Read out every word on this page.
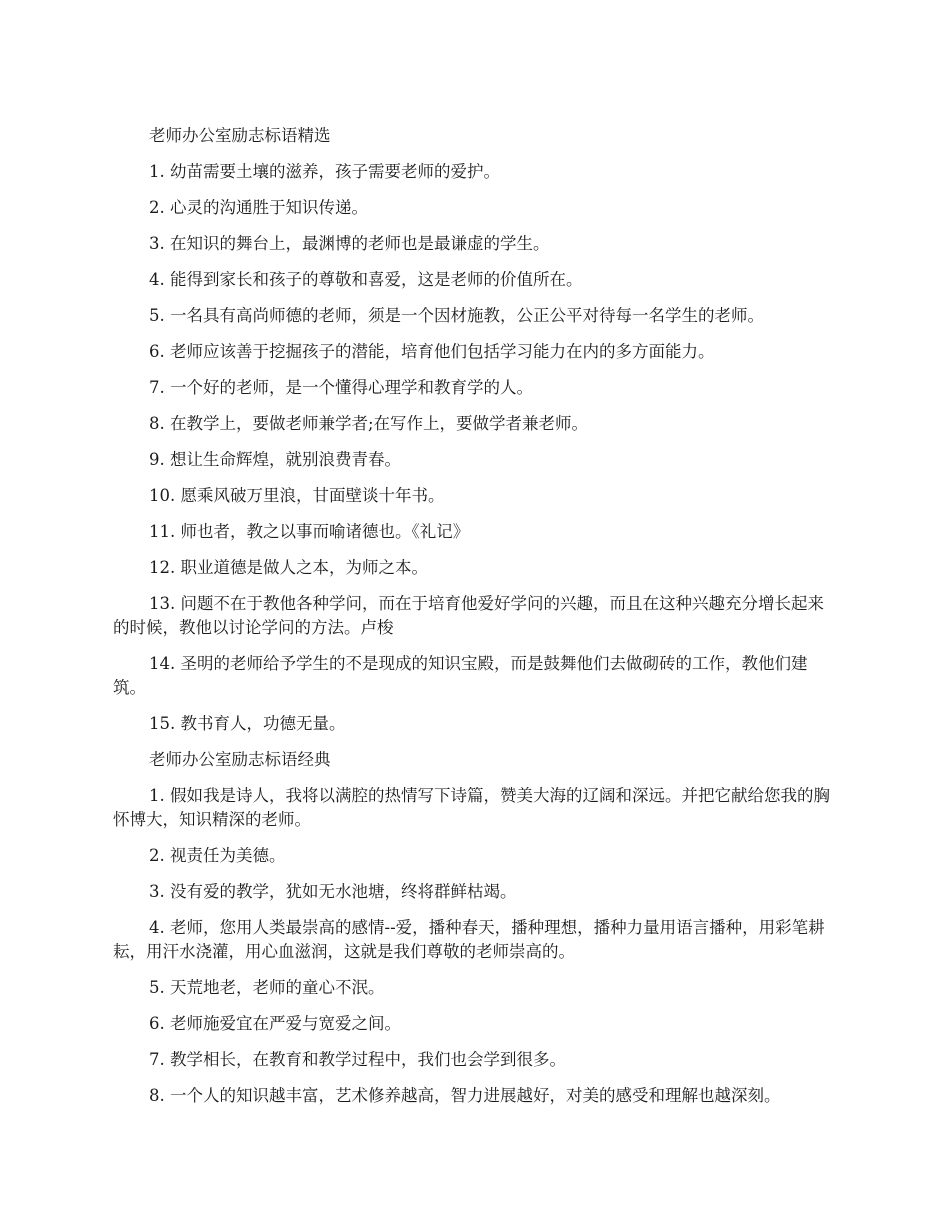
老师办公室励志标语精选

1. 幼苗需要土壤的滋养，孩子需要老师的爱护。

2. 心灵的沟通胜于知识传递。

3. 在知识的舞台上，最渊博的老师也是最谦虚的学生。

4. 能得到家长和孩子的尊敬和喜爱，这是老师的价值所在。

5. 一名具有高尚师德的老师，须是一个因材施教，公正公平对待每一名学生的老师。

6. 老师应该善于挖掘孩子的潜能，培育他们包括学习能力在内的多方面能力。

7. 一个好的老师，是一个懂得心理学和教育学的人。

8. 在教学上，要做老师兼学者;在写作上，要做学者兼老师。

9. 想让生命辉煌，就别浪费青春。

10. 愿乘风破万里浪，甘面壁谈十年书。

11. 师也者，教之以事而喻诸德也。《礼记》

12. 职业道德是做人之本，为师之本。

13. 问题不在于教他各种学问，而在于培育他爱好学问的兴趣，而且在这种兴趣充分增长起来的时候，教他以讨论学问的方法。卢梭

14. 圣明的老师给予学生的不是现成的知识宝殿，而是鼓舞他们去做砌砖的工作，教他们建筑。

15. 教书育人，功德无量。

老师办公室励志标语经典

1. 假如我是诗人，我将以满腔的热情写下诗篇，赞美大海的辽阔和深远。并把它献给您我的胸怀博大，知识精深的老师。

2. 视责任为美德。

3. 没有爱的教学，犹如无水池塘，终将群鲜枯竭。

4. 老师，您用人类最崇高的感情--爱，播种春天，播种理想，播种力量用语言播种，用彩笔耕耘，用汗水浇灌，用心血滋润，这就是我们尊敬的老师崇高的。

5. 天荒地老，老师的童心不泯。

6. 老师施爱宜在严爱与宽爱之间。

7. 教学相长，在教育和教学过程中，我们也会学到很多。

8. 一个人的知识越丰富，艺术修养越高，智力进展越好，对美的感受和理解也越深刻。
